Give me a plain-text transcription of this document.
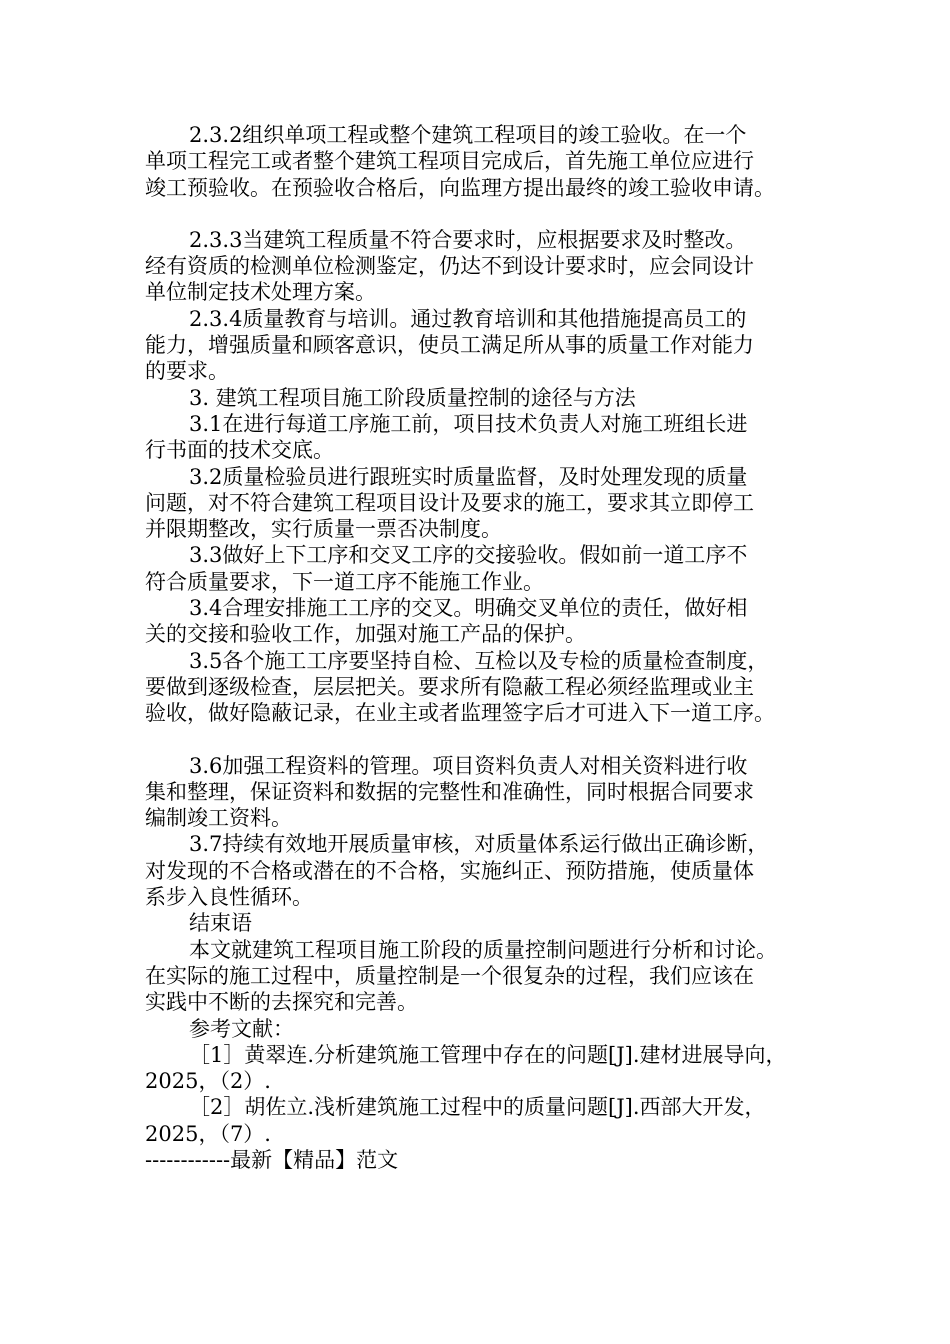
2.3.2组织单项工程或整个建筑工程项目的竣工验收。在一个
单项工程完工或者整个建筑工程项目完成后，首先施工单位应进行
竣工预验收。在预验收合格后，向监理方提出最终的竣工验收申请。

2.3.3当建筑工程质量不符合要求时，应根据要求及时整改。
经有资质的检测单位检测鉴定，仍达不到设计要求时，应会同设计
单位制定技术处理方案。

2.3.4质量教育与培训。通过教育培训和其他措施提高员工的
能力，增强质量和顾客意识，使员工满足所从事的质量工作对能力
的要求。

3. 建筑工程项目施工阶段质量控制的途径与方法

3.1在进行每道工序施工前，项目技术负责人对施工班组长进
行书面的技术交底。

3.2质量检验员进行跟班实时质量监督，及时处理发现的质量
问题，对不符合建筑工程项目设计及要求的施工，要求其立即停工
并限期整改，实行质量一票否决制度。

3.3做好上下工序和交叉工序的交接验收。假如前一道工序不
符合质量要求，下一道工序不能施工作业。

3.4合理安排施工工序的交叉。明确交叉单位的责任，做好相
关的交接和验收工作，加强对施工产品的保护。

3.5各个施工工序要坚持自检、互检以及专检的质量检查制度，
要做到逐级检查，层层把关。要求所有隐蔽工程必须经监理或业主
验收，做好隐蔽记录，在业主或者监理签字后才可进入下一道工序。

3.6加强工程资料的管理。项目资料负责人对相关资料进行收
集和整理，保证资料和数据的完整性和准确性，同时根据合同要求
编制竣工资料。

3.7持续有效地开展质量审核，对质量体系运行做出正确诊断，
对发现的不合格或潜在的不合格，实施纠正、预防措施，使质量体
系步入良性循环。

结束语

本文就建筑工程项目施工阶段的质量控制问题进行分析和讨论。
在实际的施工过程中，质量控制是一个很复杂的过程，我们应该在
实践中不断的去探究和完善。

参考文献：

［1］黄翠连.分析建筑施工管理中存在的问题[J].建材进展导向，
2025，（2）.

［2］胡佐立.浅析建筑施工过程中的质量问题[J].西部大开发，
2025，（7）.

------------最新【精品】范文
